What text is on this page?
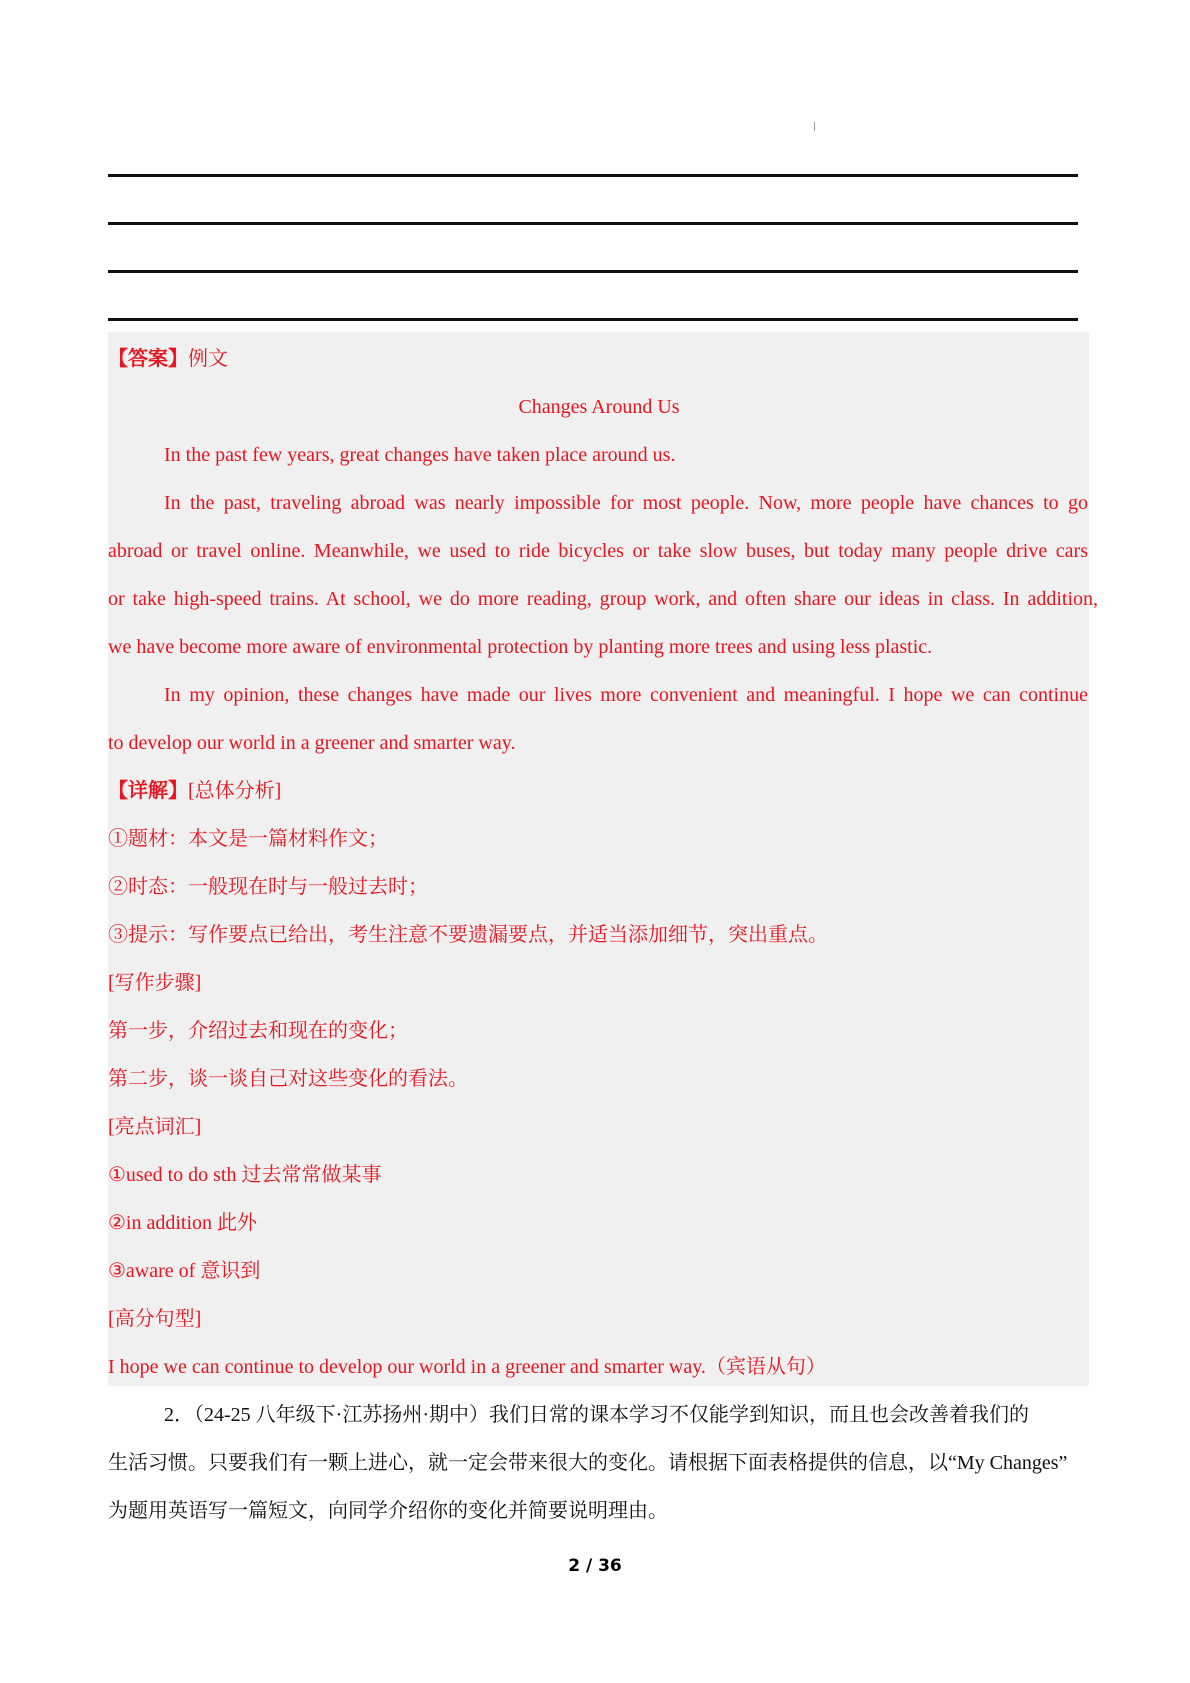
【答案】例文
Changes Around Us
In the past few years, great changes have taken place around us.
In the past, traveling abroad was nearly impossible for most people. Now, more people have chances to go
abroad or travel online. Meanwhile, we used to ride bicycles or take slow buses, but today many people drive cars
or take high-speed trains. At school, we do more reading, group work, and often share our ideas in class. In addition,
we have become more aware of environmental protection by planting more trees and using less plastic.
In my opinion, these changes have made our lives more convenient and meaningful. I hope we can continue
to develop our world in a greener and smarter way.
【详解】[总体分析]
①题材：本文是一篇材料作文；
②时态：一般现在时与一般过去时；
③提示：写作要点已给出，考生注意不要遗漏要点，并适当添加细节，突出重点。
[写作步骤]
第一步，介绍过去和现在的变化；
第二步，谈一谈自己对这些变化的看法。
[亮点词汇]
①used to do sth 过去常常做某事
②in addition 此外
③aware of 意识到
[高分句型]
I hope we can continue to develop our world in a greener and smarter way.（宾语从句）
2．（24-25 八年级下·江苏扬州·期中）我们日常的课本学习不仅能学到知识，而且也会改善着我们的
生活习惯。只要我们有一颗上进心，就一定会带来很大的变化。请根据下面表格提供的信息，以“My Changes”
为题用英语写一篇短文，向同学介绍你的变化并简要说明理由。
2 / 36
